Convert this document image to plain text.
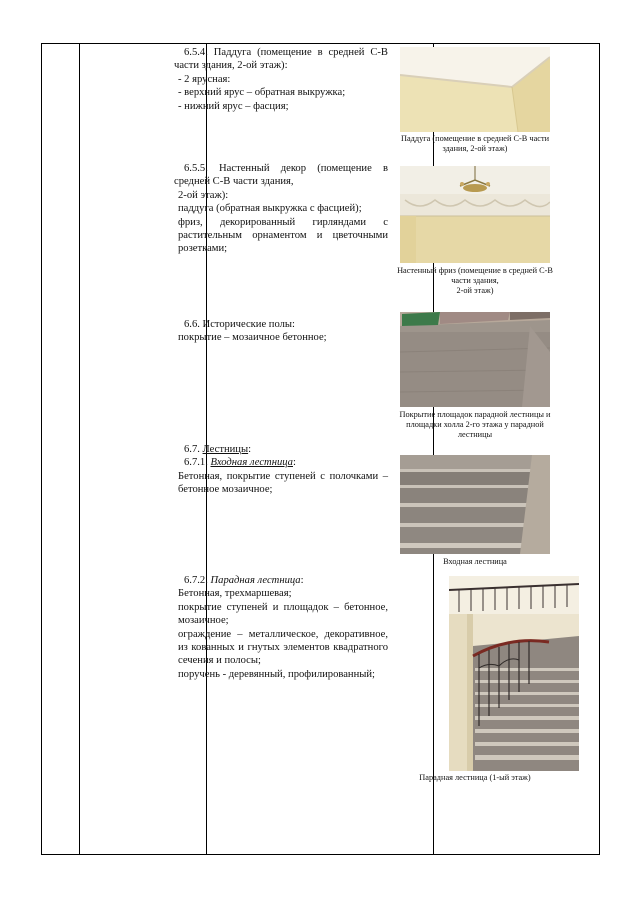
6.5.4. Паддуга (помещение в средней С-В части здания, 2-ой этаж):

- 2 ярусная:

- верхний ярус – обратная выкружка;

- нижний ярус – фасция;

6.5.5. Настенный декор (помещение в средней С-В части здания,

2-ой этаж):

паддуга (обратная выкружка с фасцией);

фриз, декорированный гирляндами с растительным орнаментом и цветочными розетками;

6.6. Исторические полы:

покрытие – мозаичное бетонное;

6.7. Лестницы:

6.7.1. Входная лестница:

Бетонная, покрытие ступеней с полочками – бетонное мозаичное;

6.7.2. Парадная лестница:

Бетонная, трехмаршевая;

покрытие ступеней и площадок – бетонное, мозаичное;

ограждение – металлическое, декоративное, из кованных и гнутых элементов квадратного сечения и полосы;

поручень - деревянный, профилированный;

Паддуга (помещение в средней С-В части здания, 2-ой этаж)
Настенный фриз (помещение в средней С-В части здания,
2-ой этаж)
Покрытие площадок парадной лестницы и площадки холла 2-го этажа у парадной лестницы
Входная лестница
Парадная лестница (1-ый этаж)
